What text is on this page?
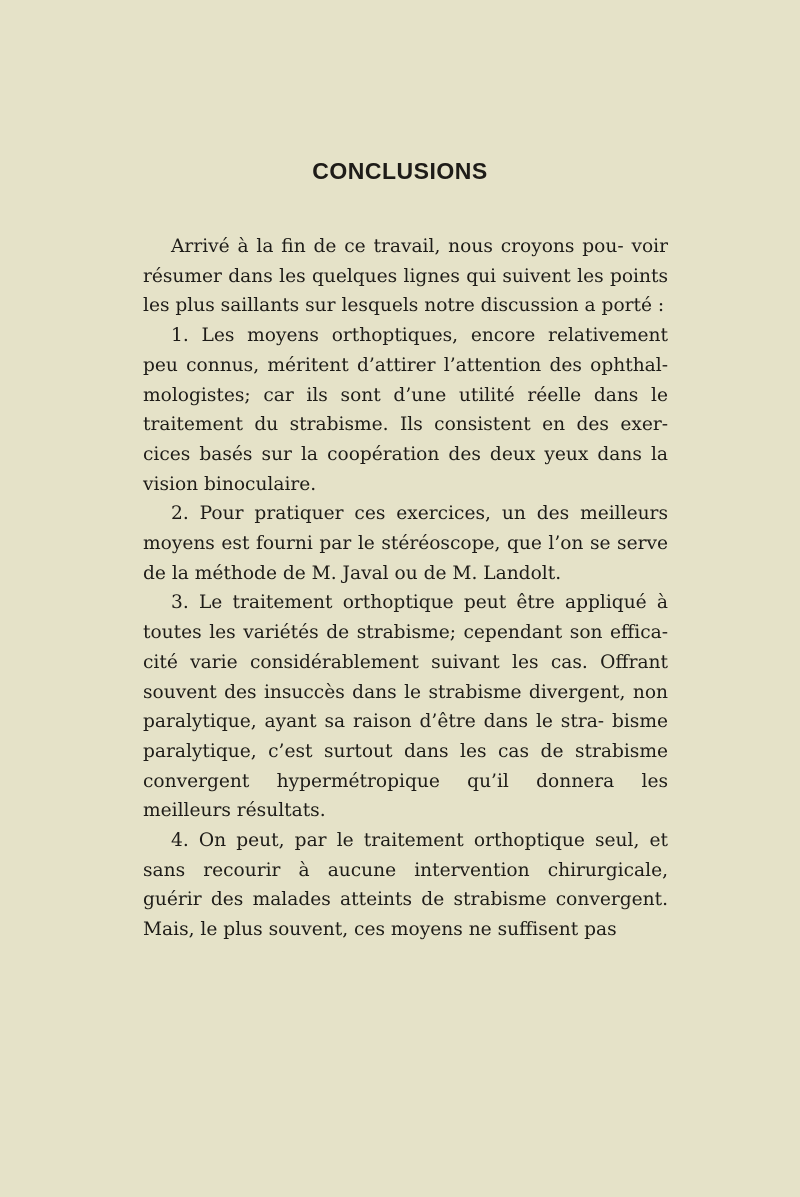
CONCLUSIONS

Arrivé à la fin de ce travail, nous croyons pou- voir résumer dans les quelques lignes qui suivent les points les plus saillants sur lesquels notre discussion a porté :

1. Les moyens orthoptiques, encore relativement peu connus, méritent d’attirer l’attention des ophthal- mologistes; car ils sont d’une utilité réelle dans le traitement du strabisme. Ils consistent en des exer- cices basés sur la coopération des deux yeux dans la vision binoculaire.

2. Pour pratiquer ces exercices, un des meilleurs moyens est fourni par le stéréoscope, que l’on se serve de la méthode de M. Javal ou de M. Landolt.

3. Le traitement orthoptique peut être appliqué à toutes les variétés de strabisme; cependant son effica- cité varie considérablement suivant les cas. Offrant souvent des insuccès dans le strabisme divergent, non paralytique, ayant sa raison d’être dans le stra- bisme paralytique, c’est surtout dans les cas de strabisme convergent hypermétropique qu’il donnera les meilleurs résultats.

4. On peut, par le traitement orthoptique seul, et sans recourir à aucune intervention chirurgicale, guérir des malades atteints de strabisme convergent. Mais, le plus souvent, ces moyens ne suffisent pas
